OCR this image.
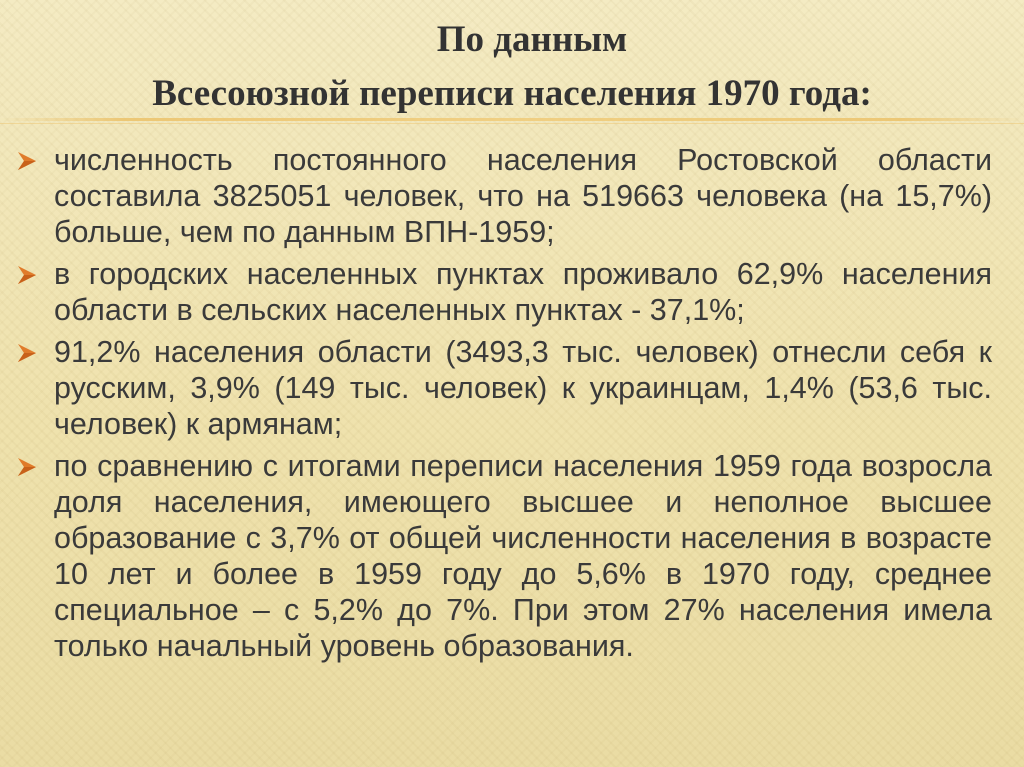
По данным
Всесоюзной переписи населения 1970 года:
численность постоянного населения Ростовской области составила 3825051 человек, что на 519663 человека (на 15,7%) больше, чем по данным ВПН-1959;
в городских населенных пунктах проживало 62,9% населения области в сельских населенных пунктах - 37,1%;
91,2% населения области (3493,3 тыс. человек) отнесли себя к русским, 3,9% (149 тыс. человек) к украинцам, 1,4% (53,6 тыс. человек) к армянам;
по сравнению с итогами переписи населения 1959 года возросла доля населения, имеющего высшее и неполное высшее образование с 3,7% от общей численности населения в возрасте 10 лет и более в 1959 году до 5,6% в 1970 году, среднее специальное – с 5,2% до 7%. При этом 27% населения имела только начальный уровень образования.
